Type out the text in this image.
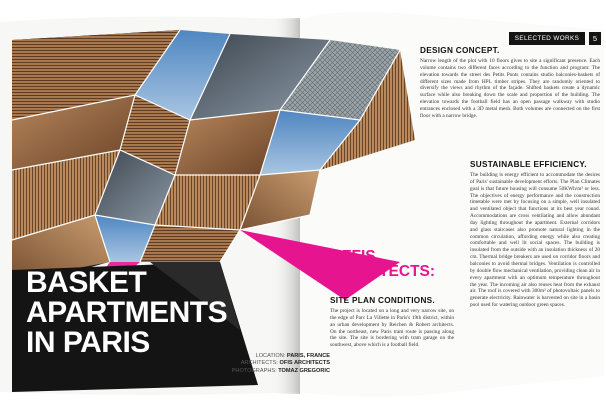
SELECTED WORKS	5
BASKET
APARTMENTS
IN PARIS	LOCATION: PARIS, FRANCE
ARCHITECTS: OFIS ARCHITECTS
PHOTOGRAPHS: TOMAZ GREGORIC
OFFIS
ARCHITECTS:
SITE PLAN CONDITIONS.
The project is located on a long and very narrow site, on the edge of Parc La Villette in Paris's 19th district, within an urban development by Reichen & Robert architects. On the northeast, new Paris tram route is passing along the site. The site is bordering with tram garage on the southwest, above which is a football field.
DESIGN CONCEPT.
Narrow length of the plot with 10 floors gives to site a significant presence. Each volume contains two different faces according to the function and program: The elevation towards the street des Petits Ponts contains studio balconies-baskets of different sizes made from HPL timber stripes. They are randomly oriented to diversify the views and rhythm of the façade. Shifted baskets create a dynamic surface while also breaking down the scale and proportion of the building. The elevation towards the football field has an open passage walkway with studio entrances enclosed with a 3D metal mesh. Both volumes are connected on the first floor with a narrow bridge.
SUSTAINABLE EFFICIENCY.
The building is energy efficient to accommodate the desires of Paris' sustainable development efforts. The Plan Climates goal is that future housing will consume 50KWh/m² or less. The objectives of energy performance and the construction timetable were met by focusing on a simple, well insulated and ventilated object that functions at its best year round. Accommodations are cross ventilating and allow abundant day lighting throughout the apartment. External corridors and glass staircases also promote natural lighting in the common circulation, affording energy while also creating comfortable and well lit social spaces. The building is insulated from the outside with an insulation thickness of 20 cm. Thermal bridge breakers are used on corridor floors and balconies to avoid thermal bridges. Ventilation is controlled by double flow mechanical ventilation, providing clean air in every apartment with an optimum temperature throughout the year. The incoming air also reuses heat from the exhaust air. The roof is covered with 300m² of photovoltaic panels to generate electricity. Rainwater is harvested on site in a basin pool used for watering outdoor green spaces.
